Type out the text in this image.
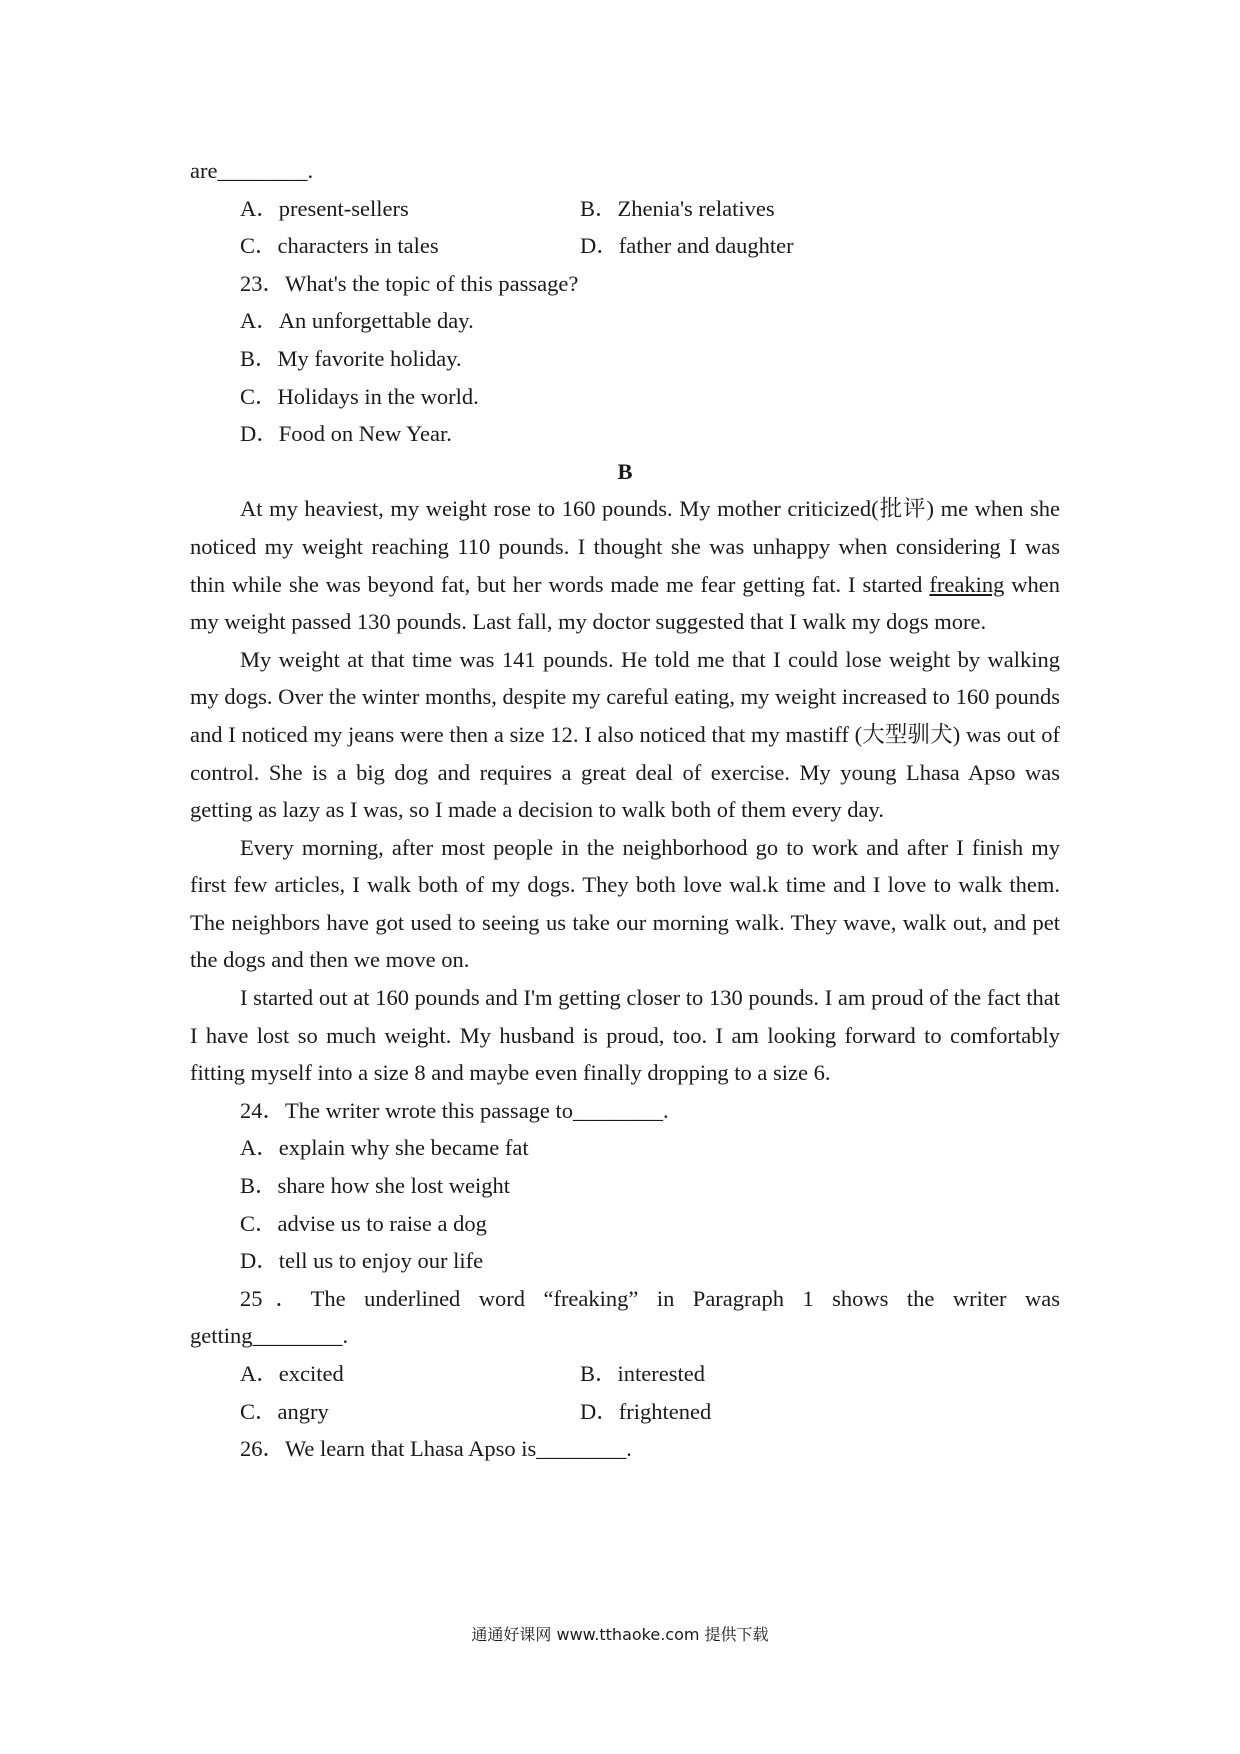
are________.
A．present-sellers	B．Zhenia's relatives
C．characters in tales	D．father and daughter
23．What's the topic of this passage?
A．An unforgettable day.
B．My favorite holiday.
C．Holidays in the world.
D．Food on New Year.
B

At my heaviest, my weight rose to 160 pounds. My mother criticized(批评) me when she noticed my weight reaching 110 pounds. I thought she was unhappy when considering I was thin while she was beyond fat, but her words made me fear getting fat. I started freaking when my weight passed 130 pounds. Last fall, my doctor suggested that I walk my dogs more.

My weight at that time was 141 pounds. He told me that I could lose weight by walking my dogs. Over the winter months, despite my careful eating, my weight increased to 160 pounds and I noticed my jeans were then a size 12. I also noticed that my mastiff (大型驯犬) was out of control. She is a big dog and requires a great deal of exercise. My young Lhasa Apso was getting as lazy as I was, so I made a decision to walk both of them every day.

Every morning, after most people in the neighborhood go to work and after I finish my first few articles, I walk both of my dogs. They both love wal.k time and I love to walk them. The neighbors have got used to seeing us take our morning walk. They wave, walk out, and pet the dogs and then we move on.

I started out at 160 pounds and I'm getting closer to 130 pounds. I am proud of the fact that I have lost so much weight. My husband is proud, too. I am looking forward to comfortably fitting myself into a size 8 and maybe even finally dropping to a size 6.

24．The writer wrote this passage to________.
A．explain why she became fat
B．share how she lost weight
C．advise us to raise a dog
D．tell us to enjoy our life

25．The underlined word “freaking” in Paragraph 1 shows the writer was getting________.

A．excited	B．interested
C．angry	D．frightened
26．We learn that Lhasa Apso is________.
通通好课网 www.tthaoke.com 提供下载
